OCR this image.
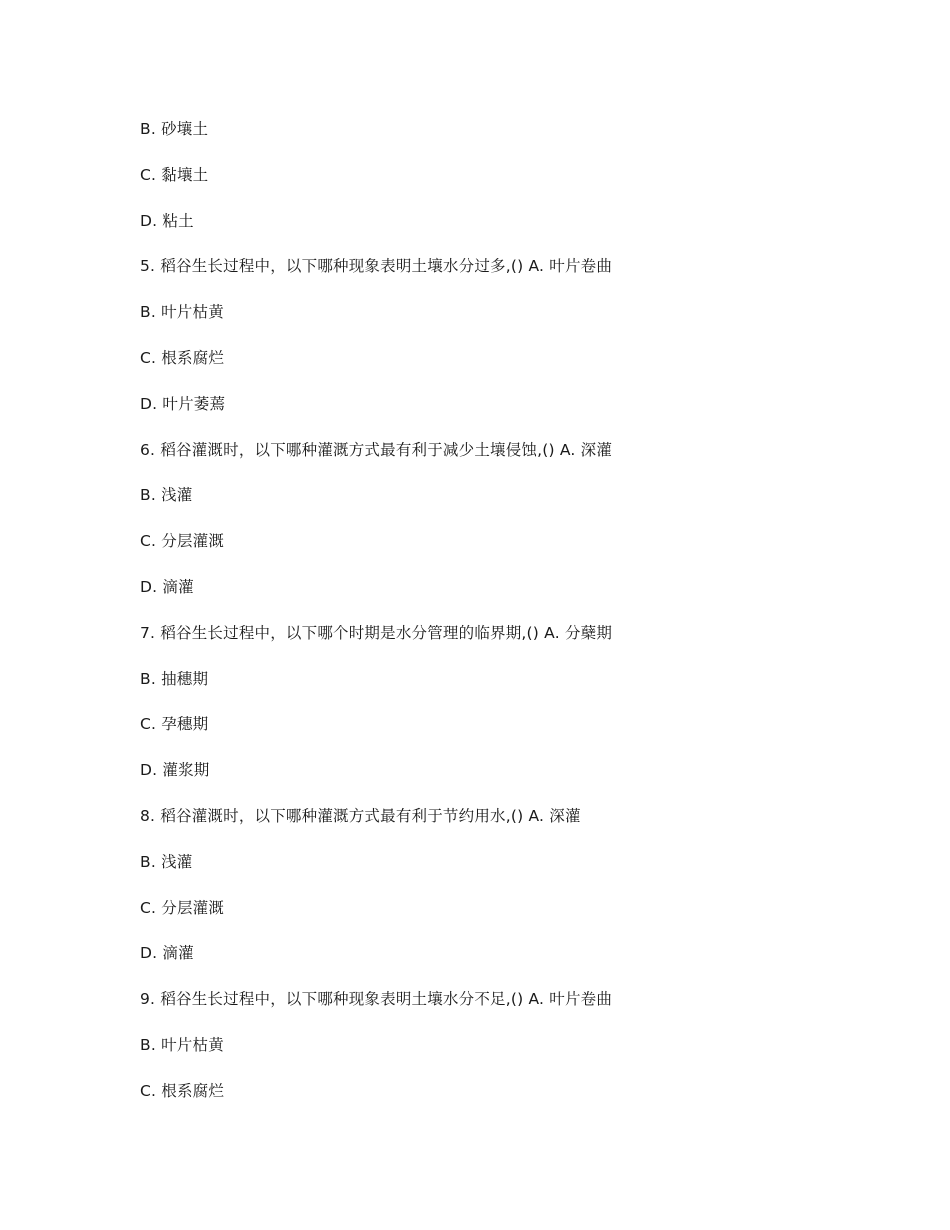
B. 砂壤土
C. 黏壤土
D. 粘土
5. 稻谷生长过程中，以下哪种现象表明土壤水分过多,() A. 叶片卷曲
B. 叶片枯黄
C. 根系腐烂
D. 叶片萎蔫
6. 稻谷灌溉时，以下哪种灌溉方式最有利于减少土壤侵蚀,() A. 深灌
B. 浅灌
C. 分层灌溉
D. 滴灌
7. 稻谷生长过程中，以下哪个时期是水分管理的临界期,() A. 分蘖期
B. 抽穗期
C. 孕穗期
D. 灌浆期
8. 稻谷灌溉时，以下哪种灌溉方式最有利于节约用水,() A. 深灌
B. 浅灌
C. 分层灌溉
D. 滴灌
9. 稻谷生长过程中，以下哪种现象表明土壤水分不足,() A. 叶片卷曲
B. 叶片枯黄
C. 根系腐烂
